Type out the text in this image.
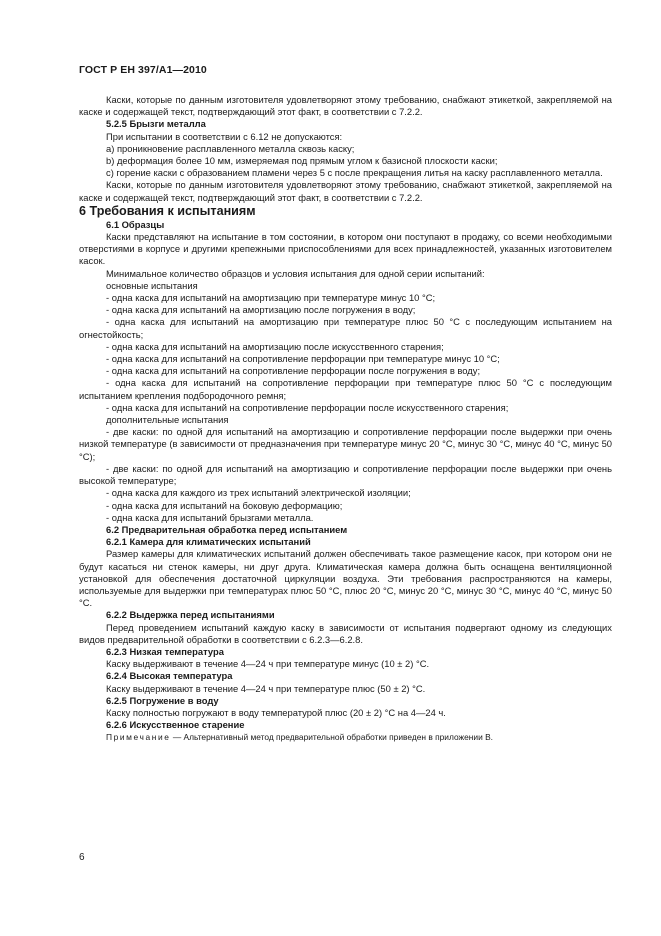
ГОСТ Р ЕН 397/А1—2010

Каски, которые по данным изготовителя удовлетворяют этому требованию, снабжают этикеткой, закрепляемой на каске и содержащей текст, подтверждающий этот факт, в соответствии с 7.2.2.

5.2.5 Брызги металла

При испытании в соответствии с 6.12 не допускаются:

a) проникновение расплавленного металла сквозь каску;

b) деформация более 10 мм, измеряемая под прямым углом к базисной плоскости каски;

c) горение каски с образованием пламени через 5 с после прекращения литья на каску расплавленного металла.

Каски, которые по данным изготовителя удовлетворяют этому требованию, снабжают этикеткой, закрепляемой на каске и содержащей текст, подтверждающий этот факт, в соответствии с 7.2.2.

6 Требования к испытаниям

6.1 Образцы

Каски представляют на испытание в том состоянии, в котором они поступают в продажу, со всеми необходимыми отверстиями в корпусе и другими крепежными приспособлениями для всех принадлежностей, указанных изготовителем касок.

Минимальное количество образцов и условия испытания для одной серии испытаний:

основные испытания

- одна каска для испытаний на амортизацию при температуре минус 10 °С;

- одна каска для испытаний на амортизацию после погружения в воду;

- одна каска для испытаний на амортизацию при температуре плюс 50 °С с последующим испытанием на огнестойкость;

- одна каска для испытаний на амортизацию после искусственного старения;

- одна каска для испытаний на сопротивление перфорации при температуре минус 10 °С;

- одна каска для испытаний на сопротивление перфорации после погружения в воду;

- одна каска для испытаний на сопротивление перфорации при температуре плюс 50 °С с последующим испытанием крепления подбородочного ремня;

- одна каска для испытаний на сопротивление перфорации после искусственного старения;

дополнительные испытания

- две каски: по одной для испытаний на амортизацию и сопротивление перфорации после выдержки при очень низкой температуре (в зависимости от предназначения при температуре минус 20 °С, минус 30 °С, минус 40 °С, минус 50 °С);

- две каски: по одной для испытаний на амортизацию и сопротивление перфорации после выдержки при очень высокой температуре;

- одна каска для каждого из трех испытаний электрической изоляции;

- одна каска для испытаний на боковую деформацию;

- одна каска для испытаний брызгами металла.

6.2 Предварительная обработка перед испытанием

6.2.1 Камера для климатических испытаний

Размер камеры для климатических испытаний должен обеспечивать такое размещение касок, при котором они не будут касаться ни стенок камеры, ни друг друга. Климатическая камера должна быть оснащена вентиляционной установкой для обеспечения достаточной циркуляции воздуха. Эти требования распространяются на камеры, используемые для выдержки при температурах плюс 50 °С, плюс 20 °С, минус 20 °С, минус 30 °С, минус 40 °С, минус 50 °С.

6.2.2 Выдержка перед испытаниями

Перед проведением испытаний каждую каску в зависимости от испытания подвергают одному из следующих видов предварительной обработки в соответствии с 6.2.3—6.2.8.

6.2.3 Низкая температура

Каску выдерживают в течение 4—24 ч при температуре минус (10 ± 2) °С.

6.2.4 Высокая температура

Каску выдерживают в течение 4—24 ч при температуре плюс (50 ± 2) °С.

6.2.5 Погружение в воду

Каску полностью погружают в воду температурой плюс (20 ± 2) °С на 4—24 ч.

6.2.6 Искусственное старение

Примечание — Альтернативный метод предварительной обработки приведен в приложении В.

6
